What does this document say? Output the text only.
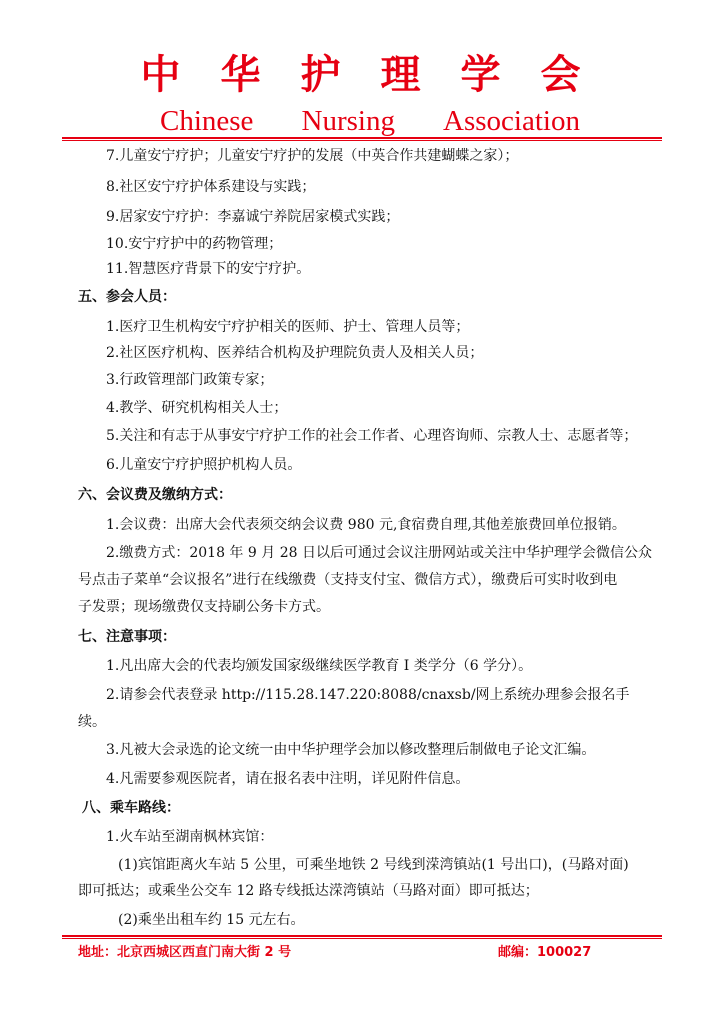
中华护理学会
Chinese Nursing Association
7.儿童安宁疗护；儿童安宁疗护的发展（中英合作共建蝴蝶之家）；
8.社区安宁疗护体系建设与实践；
9.居家安宁疗护：李嘉诚宁养院居家模式实践；
10.安宁疗护中的药物管理；
11.智慧医疗背景下的安宁疗护。
五、参会人员：
1.医疗卫生机构安宁疗护相关的医师、护士、管理人员等；
2.社区医疗机构、医养结合机构及护理院负责人及相关人员；
3.行政管理部门政策专家；
4.教学、研究机构相关人士；
5.关注和有志于从事安宁疗护工作的社会工作者、心理咨询师、宗教人士、志愿者等；
6.儿童安宁疗护照护机构人员。
六、会议费及缴纳方式：
1.会议费：出席大会代表须交纳会议费 980 元,食宿费自理,其他差旅费回单位报销。
2.缴费方式：2018 年 9 月 28 日以后可通过会议注册网站或关注中华护理学会微信公众
号点击子菜单“会议报名”进行在线缴费（支持支付宝、微信方式），缴费后可实时收到电
子发票；现场缴费仅支持刷公务卡方式。
七、注意事项：
1.凡出席大会的代表均颁发国家级继续医学教育 I 类学分（6 学分）。
2.请参会代表登录 http://115.28.147.220:8088/cnaxsb/网上系统办理参会报名手
续。
3.凡被大会录选的论文统一由中华护理学会加以修改整理后制做电子论文汇编。
4.凡需要参观医院者，请在报名表中注明，详见附件信息。
八、乘车路线：
1.火车站至湖南枫林宾馆：
(1)宾馆距离火车站 5 公里，可乘坐地铁 2 号线到溁湾镇站(1 号出口)，(马路对面)
即可抵达；或乘坐公交车 12 路专线抵达溁湾镇站（马路对面）即可抵达；
(2)乘坐出租车约 15 元左右。
地址：北京西城区西直门南大街 2 号	邮编：100027
